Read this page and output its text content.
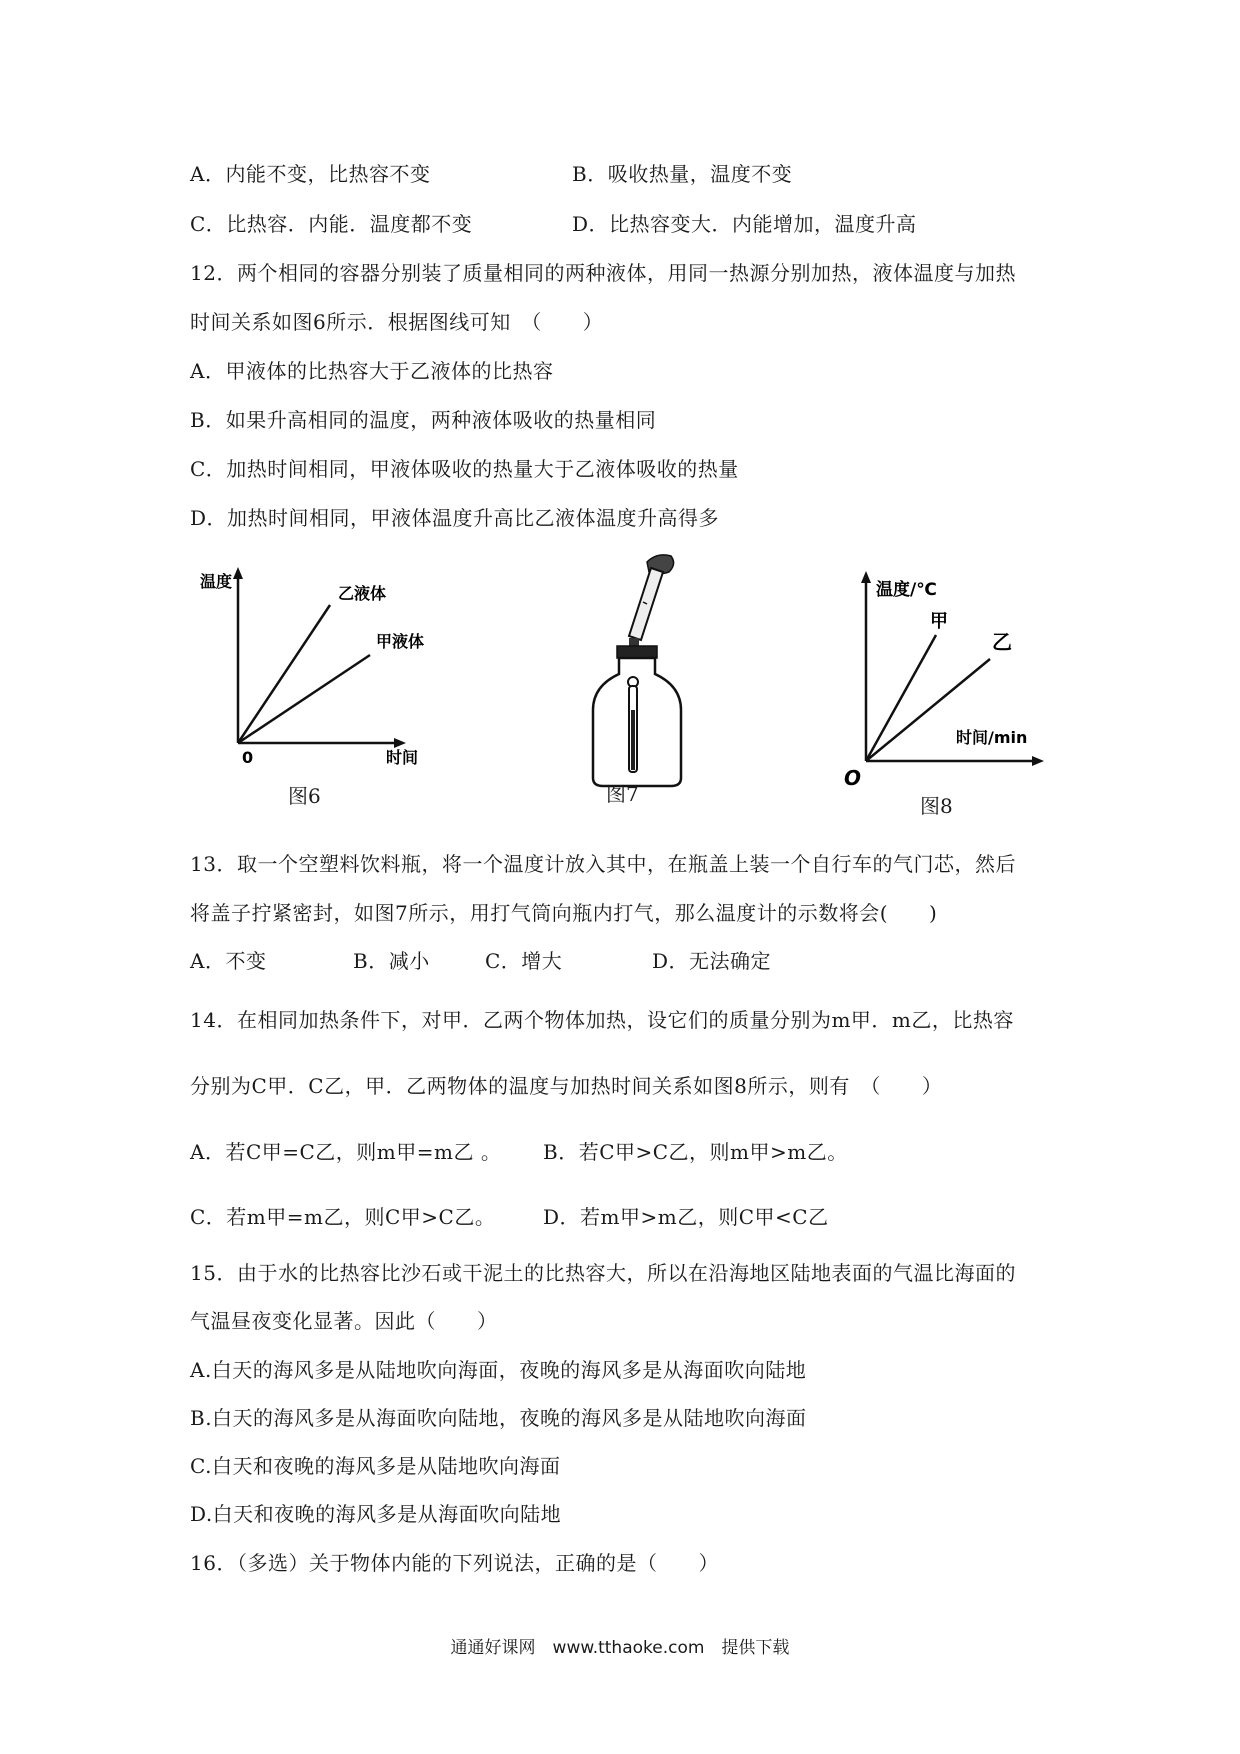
A．内能不变，比热容不变	B．吸收热量，温度不变
C．比热容．内能．温度都不变	D．比热容变大．内能增加，温度升高
12．两个相同的容器分别装了质量相同的两种液体，用同一热源分别加热，液体温度与加热
时间关系如图6所示．根据图线可知　（　　）
A．甲液体的比热容大于乙液体的比热容
B．如果升高相同的温度，两种液体吸收的热量相同
C．加热时间相同，甲液体吸收的热量大于乙液体吸收的热量
D．加热时间相同，甲液体温度升高比乙液体温度升高得多
温度
时间
0
乙液体
甲液体
图6	图7
温度/℃
时间/min
O
甲
乙
图8
13．取一个空塑料饮料瓶，将一个温度计放入其中，在瓶盖上装一个自行车的气门芯，然后
将盖子拧紧密封，如图7所示，用打气筒向瓶内打气，那么温度计的示数将会(　　)
A．不变	B．减小	C．增大	D．无法确定
14．在相同加热条件下，对甲．乙两个物体加热，设它们的质量分别为m甲．m乙，比热容
分别为C甲．C乙，甲．乙两物体的温度与加热时间关系如图8所示，则有　（　　）
A．若C甲=C乙，则m甲=m乙 。 B．若C甲>C乙，则m甲>m乙。
C．若m甲=m乙，则C甲>C乙。 D．若m甲>m乙，则C甲<C乙
15．由于水的比热容比沙石或干泥土的比热容大，所以在沿海地区陆地表面的气温比海面的
气温昼夜变化显著。因此（　　）
A.白天的海风多是从陆地吹向海面，夜晚的海风多是从海面吹向陆地
B.白天的海风多是从海面吹向陆地，夜晚的海风多是从陆地吹向海面
C.白天和夜晚的海风多是从陆地吹向海面
D.白天和夜晚的海风多是从海面吹向陆地
16．（多选）关于物体内能的下列说法，正确的是（　　）
通通好课网　www.tthaoke.com　提供下载
